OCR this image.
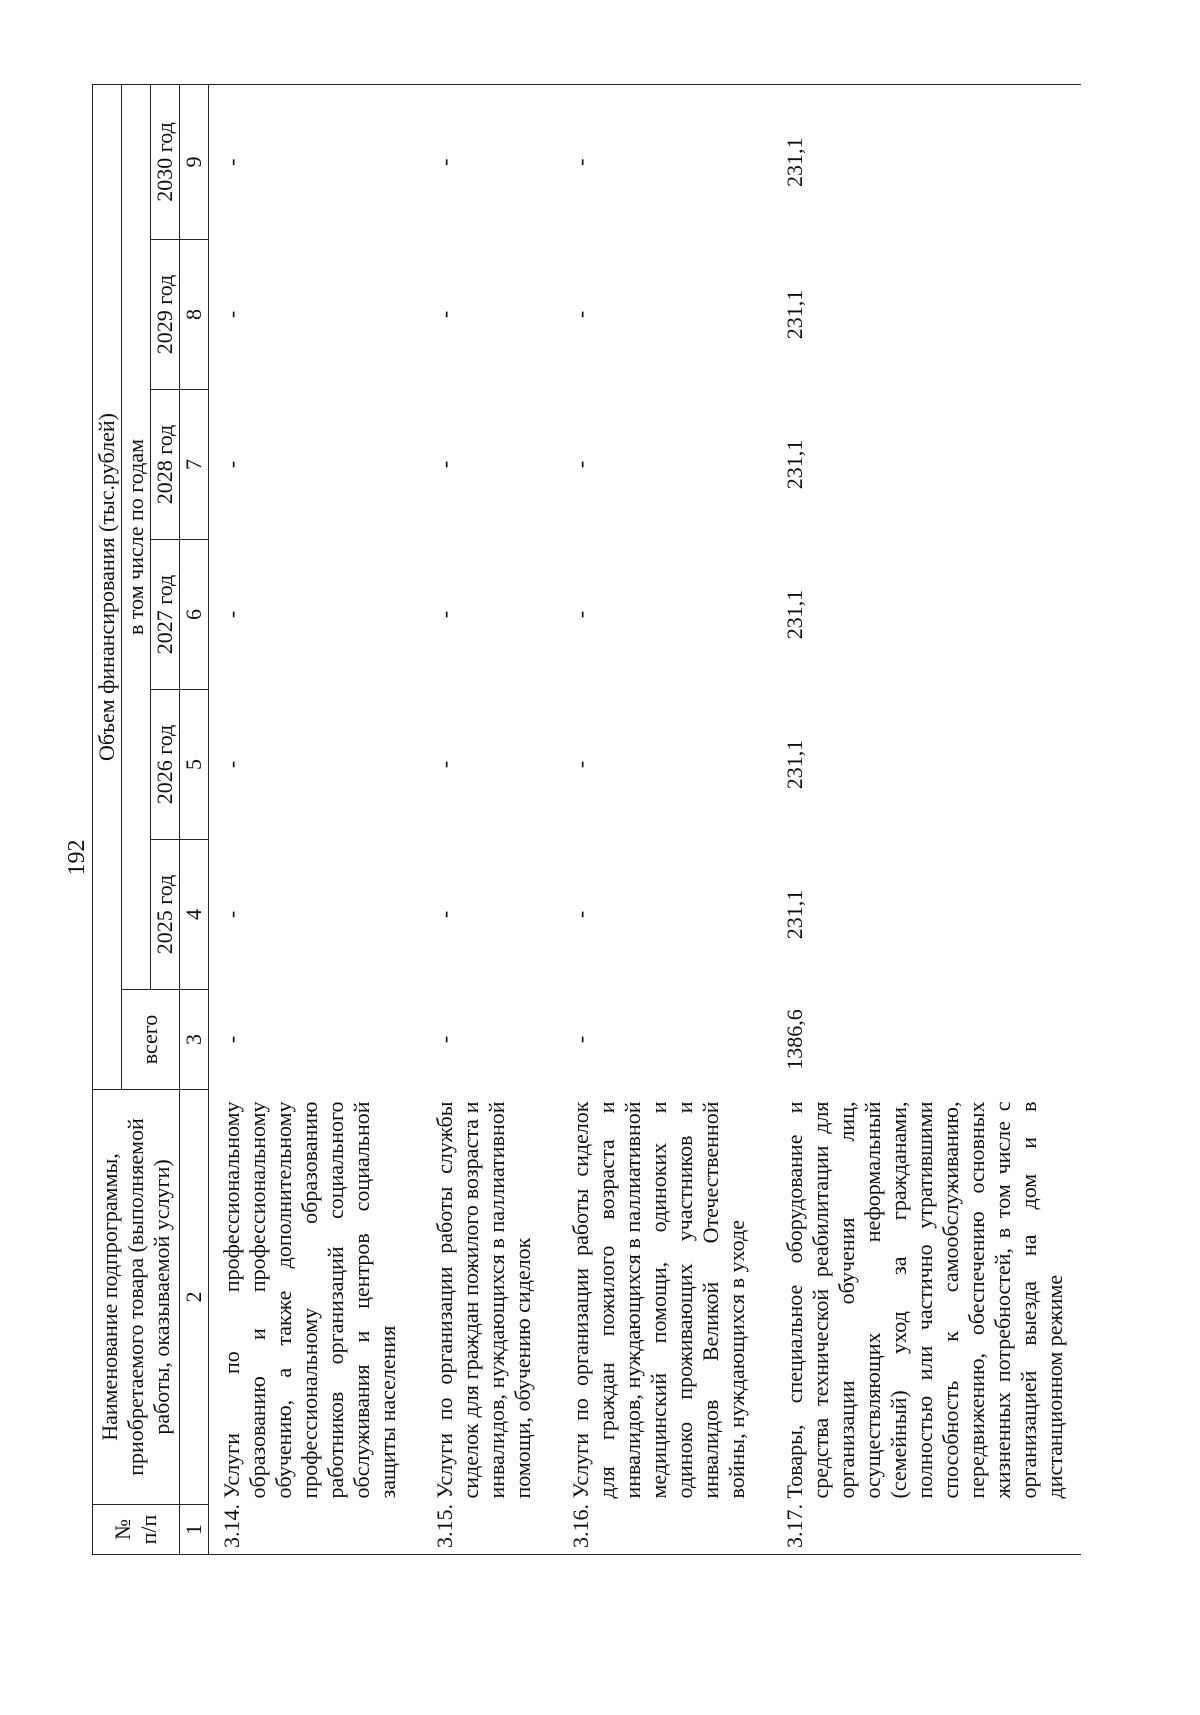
192
№ п/п	Наименование подпрограммы, приобретаемого товара (выполняемой работы, оказываемой услуги)	Объем финансирования (тыс.рублей)						
		всего	в том числе по годам					
			2025 год	2026 год	2027 год	2028 год	2029 год	2030 год
1	2	3	4	5	6	7	8	9
3.14.	Услуги по профессиональному образованию и профессиональному обучению, а также дополнительному профессиональному образованию работников организаций социального обслуживания и центров социальной защиты населения	-	-	-	-	-	-	-
3.15.	Услуги по организации работы службы сиделок для граждан пожилого возраста и инвалидов, нуждающихся в паллиативной помощи, обучению сиделок	-	-	-	-	-	-	-
3.16.	Услуги по организации работы сиделок для граждан пожилого возраста и инвалидов, нуждающихся в паллиативной медицинский помощи, одиноких и одиноко проживающих участников и инвалидов Великой Отечественной войны, нуждающихся в уходе	-	-	-	-	-	-	-
3.17.	Товары, специальное оборудование и средства технической реабилитации для организации обучения лиц, осуществляющих неформальный (семейный) уход за гражданами, полностью или частично утратившими способность к самообслуживанию, передвижению, обеспечению основных жизненных потребностей, в том числе с организацией выезда на дом и в дистанционном режиме	1386,6	231,1	231,1	231,1	231,1	231,1	231,1
